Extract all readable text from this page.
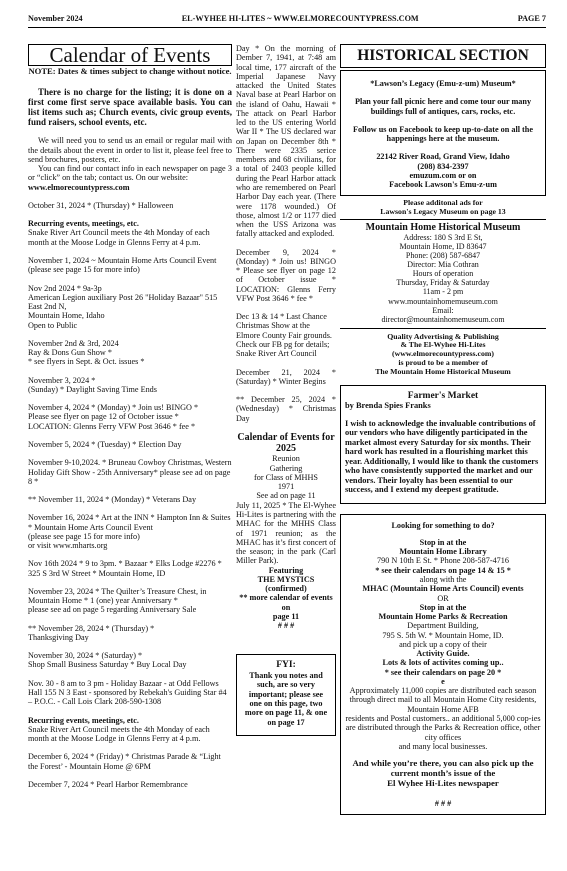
November 2024	EL-WYHEE HI-LITES ~ WWW.ELMORECOUNTYPRESS.COM	PAGE 7
Calendar of Events
NOTE: Dates & times subject to change without notice.
There is no charge for the listing; it is done on a first come first serve space available basis. You can list items such as; Church events, civic group events, fund raisers, school events, etc.

We will need you to send us an email or regular mail with the details about the event in order to list it, please feel free to send brochures, posters, etc.

You can find our contact info in each newspaper on page 3 or “click” on the tab; contact us. On our website:

www.elmorecountypress.com
October 31, 2024 * (Thursday) * Halloween
Recurring events, meetings, etc.
Snake River Art Council meets the 4th Monday of each month at the Moose Lodge in Glenns Ferry at 4 p.m.
November 1, 2024 ~ Mountain Home Arts Council Event (please see page 15 for more info)
Nov 2nd 2024 * 9a-3p
American Legion auxiliary Post 26 "Holiday Bazaar" 515 East 2nd N,
Mountain Home, Idaho
Open to Public
November 2nd & 3rd, 2024
Ray & Dons Gun Show *
* see flyers in Sept. & Oct. issues *
November 3, 2024 *
(Sunday) * Daylight Saving Time Ends
November 4, 2024 * (Monday) * Join us! BINGO *
Please see flyer on page 12 of October issue *
LOCATION: Glenns Ferry VFW Post 3646 * fee *
November 5, 2024 * (Tuesday) * Election Day
November 9-10,2024. * Bruneau Cowboy Christmas, Western Holiday Gift Show - 25th Anniversary* please see ad on page 8 *
** November 11, 2024 * (Monday) * Veterans Day
November 16, 2024 * Art at the INN * Hampton Inn & Suites * Mountain Home Arts Council Event
(please see page 15 for more info)
or visit www.mharts.org
Nov 16th 2024 * 9 to 3pm. * Bazaar * Elks Lodge #2276 * 325 S 3rd W Street * Mountain Home, ID
November 23, 2024 * The Quilter’s Treasure Chest, in Mountain Home * 1 (one) year Anniversary *
please see ad on page 5 regarding Anniversary Sale
** November 28, 2024 * (Thursday) *
Thanksgiving Day
November 30, 2024 * (Saturday) *
Shop Small Business Saturday * Buy Local Day
Nov. 30 - 8 am to 3 pm - Holiday Bazaar - at Odd Fellows Hall 155 N 3 East - sponsored by Rebekah's Guiding Star #4 – P.O.C. - Call Lois Clark 208-590-1308
Recurring events, meetings, etc.
Snake River Art Council meets the 4th Monday of each month at the Moose Lodge in Glenns Ferry at 4 p.m.
December 6, 2024 * (Friday) * Christmas Parade & “Light the Forest’ - Mountain Home @ 6PM
December 7, 2024 * Pearl Harbor Remembrance

Day * On the morning of Dember 7, 1941, at 7:48 am local time, 177 aircraft of the Imperial Japanese Navy attacked the United States Naval base at Pearl Harbor on the island of Oahu, Hawaii * The attack on Pearl Harbor led to the US entering World War II * The US declared war on Japan on December 8th * There were 2335 serice members and 68 civilians, for a total of 2403 people killed during the Pearl Harbor attack who are remembered on Pearl Harbor Day each year. (There were 1178 wounded.) Of those, almost 1/2 or 1177 died when the USS Arizona was fatally attacked and exploded.

December 9, 2024 * (Monday) * Join us! BINGO * Please see flyer on page 12 of October issue * LOCATION: Glenns Ferry VFW Post 3646 * fee *

Dec 13 & 14 * Last Chance Christmas Show at the Elmore County Fair grounds.
Check our FB pg for details; Snake River Art Council

December 21, 2024 * (Saturday) * Winter Begins

** December 25, 2024 * (Wednesday) * Christmas Day

Calendar of Events for 2025
Reunion
Gathering
for Class of MHHS
1971
See ad on page 11

July 11, 2025 * The El-Wyhee Hi-Lites is partnering with the MHAC for the MHHS Class of 1971 reunion; as the MHAC has it’s first concert of the season; in the park (Carl Miller Park).

Featuring
THE MYSTICS
(confirmed)
** more calendar of events on
page 11
# # #
FYI:
Thank you notes and such, are so very important; please see one on this page, two more on page 11, & one on page 17
HISTORICAL SECTION

*Lawson’s Legacy (Emu-z-um) Museum*

Plan your fall picnic here and come tour our many buildings full of antiques, cars, rocks, etc.

Follow us on Facebook to keep up-to-date on all the happenings here at the museum.

22142 River Road, Grand View, Idaho
(208) 834-2397
emuzum.com or on
Facebook Lawson's Emu-z-um

Please additonal ads for
Lawson's Legacy Museum on page 13
Mountain Home Historical Museum
Address: 180 S 3rd E St,
Mountain Home, ID 83647
Phone: (208) 587-6847
Director: Mia Cothran
Hours of operation
Thursday, Friday & Saturday
11am - 2 pm
www.mountainhomemuseum.com
Email:
director@mountainhomemuseum.com
Quality Advertising & Publishing
& The El-Wyhee Hi-Lites
(www.elmorecountypress.com)
is proud to be a member of
The Mountain Home Historical Museum
Farmer's Market
by Brenda Spies Franks
I wish to acknowledge the invaluable contributions of our vendors who have diligently participated in the market almost every Saturday for six months. Their hard work has resulted in a flourishing market this year. Additionally, I would like to thank the customers who have consistently supported the market and our vendors. Their loyalty has been essential to our success, and I extend my deepest gratitude.
Looking for something to do?
Stop in at the
Mountain Home Library
790 N 10th E St. * Phone 208-587-4716
* see their calendars on page 14 & 15 *
along with the
MHAC (Mountain Home Arts Council) events
OR
Stop in at the
Mountain Home Parks & Recreation
Department Building,
795 S. 5th W. * Mountain Home, ID.
and pick up a copy of their
Activity Guide.
Lots & lots of activites coming up..
* see their calendars on page 20 *
e
Approximately 11,000 copies are distributed each season through direct mail to all Mountain Home City residents, Mountain Home AFB
residents and Postal customers.. an additional 5,000 cop-ies are distributed through the Parks & Recreation office, other city offices
and many local businesses.
And while you’re there, you can also pick up the current month’s issue of the
El Wyhee Hi-Lites newspaper
# # #
